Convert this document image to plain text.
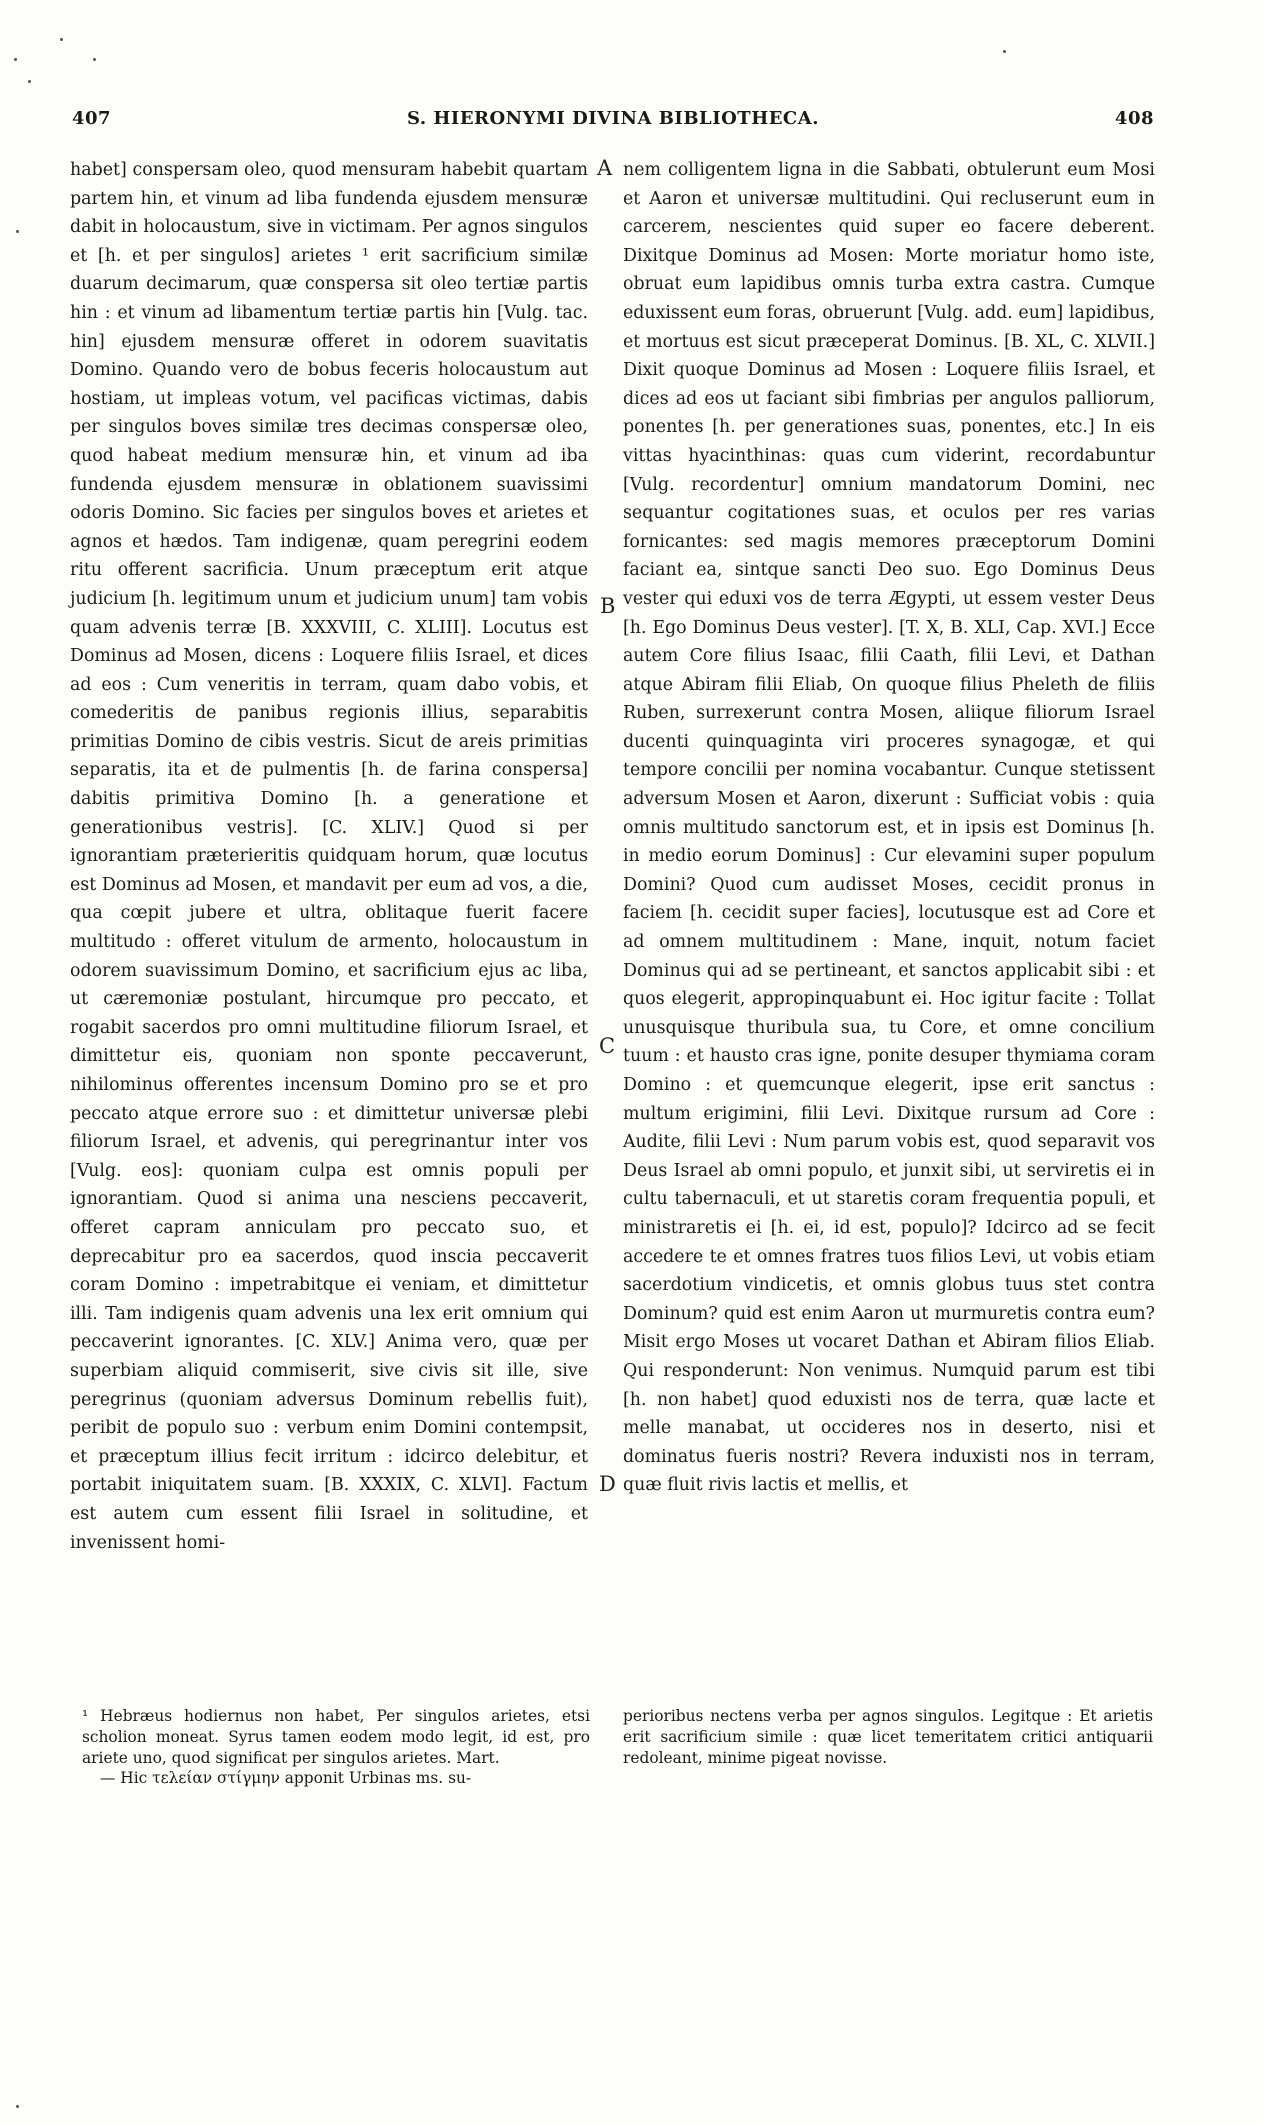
407	S. HIERONYMI DIVINA BIBLIOTHECA.	408

habet] conspersam oleo, quod mensuram habebit quartam partem hin, et vinum ad liba fundenda ejusdem mensuræ dabit in holocaustum, sive in victimam. Per agnos singulos et [h. et per singulos] arietes ¹ erit sacrificium similæ duarum decimarum, quæ conspersa sit oleo tertiæ partis hin : et vinum ad libamentum tertiæ partis hin [Vulg. tac. hin] ejusdem mensuræ offeret in odorem suavitatis Domino. Quando vero de bobus feceris holocaustum aut hostiam, ut impleas votum, vel pacificas victimas, dabis per singulos boves similæ tres decimas conspersæ oleo, quod habeat medium mensuræ hin, et vinum ad iba fundenda ejusdem mensuræ in oblationem suavissimi odoris Domino. Sic facies per singulos boves et arietes et agnos et hædos. Tam indigenæ, quam peregrini eodem ritu offerent sacrificia. Unum præceptum erit atque judicium [h. legitimum unum et judicium unum] tam vobis quam advenis terræ [B. XXXVIII, C. XLIII]. Locutus est Dominus ad Mosen, dicens : Loquere filiis Israel, et dices ad eos : Cum veneritis in terram, quam dabo vobis, et comederitis de panibus regionis illius, separabitis primitias Domino de cibis vestris. Sicut de areis primitias separatis, ita et de pulmentis [h. de farina conspersa] dabitis primitiva Domino [h. a generatione et generationibus vestris]. [C. XLIV.] Quod si per ignorantiam præterieritis quidquam horum, quæ locutus est Dominus ad Mosen, et mandavit per eum ad vos, a die, qua cœpit jubere et ultra, oblitaque fuerit facere multitudo : offeret vitulum de armento, holocaustum in odorem suavissimum Domino, et sacrificium ejus ac liba, ut cæremoniæ postulant, hircumque pro peccato, et rogabit sacerdos pro omni multitudine filiorum Israel, et dimittetur eis, quoniam non sponte peccaverunt, nihilominus offerentes incensum Domino pro se et pro peccato atque errore suo : et dimittetur universæ plebi filiorum Israel, et advenis, qui peregrinantur inter vos [Vulg. eos]: quoniam culpa est omnis populi per ignorantiam. Quod si anima una nesciens peccaverit, offeret capram anniculam pro peccato suo, et deprecabitur pro ea sacerdos, quod inscia peccaverit coram Domino : impetrabitque ei veniam, et dimittetur illi. Tam indigenis quam advenis una lex erit omnium qui peccaverint ignorantes. [C. XLV.] Anima vero, quæ per superbiam aliquid commiserit, sive civis sit ille, sive peregrinus (quoniam adversus Dominum rebellis fuit), peribit de populo suo : verbum enim Domini contempsit, et præceptum illius fecit irritum : idcirco delebitur, et portabit iniquitatem suam. [B. XXXIX, C. XLVI]. Factum est autem cum essent filii Israel in solitudine, et invenissent homi-

nem colligentem ligna in die Sabbati, obtulerunt eum Mosi et Aaron et universæ multitudini. Qui recluserunt eum in carcerem, nescientes quid super eo facere deberent. Dixitque Dominus ad Mosen: Morte moriatur homo iste, obruat eum lapidibus omnis turba extra castra. Cumque eduxissent eum foras, obruerunt [Vulg. add. eum] lapidibus, et mortuus est sicut præceperat Dominus. [B. XL, C. XLVII.] Dixit quoque Dominus ad Mosen : Loquere filiis Israel, et dices ad eos ut faciant sibi fimbrias per angulos palliorum, ponentes [h. per generationes suas, ponentes, etc.] In eis vittas hyacinthinas: quas cum viderint, recordabuntur [Vulg. recordentur] omnium mandatorum Domini, nec sequantur cogitationes suas, et oculos per res varias fornicantes: sed magis memores præceptorum Domini faciant ea, sintque sancti Deo suo. Ego Dominus Deus vester qui eduxi vos de terra Ægypti, ut essem vester Deus [h. Ego Dominus Deus vester]. [T. X, B. XLI, Cap. XVI.] Ecce autem Core filius Isaac, filii Caath, filii Levi, et Dathan atque Abiram filii Eliab, On quoque filius Pheleth de filiis Ruben, surrexerunt contra Mosen, aliique filiorum Israel ducenti quinquaginta viri proceres synagogæ, et qui tempore concilii per nomina vocabantur. Cunque stetissent adversum Mosen et Aaron, dixerunt : Sufficiat vobis : quia omnis multitudo sanctorum est, et in ipsis est Dominus [h. in medio eorum Dominus] : Cur elevamini super populum Domini? Quod cum audisset Moses, cecidit pronus in faciem [h. cecidit super facies], locutusque est ad Core et ad omnem multitudinem : Mane, inquit, notum faciet Dominus qui ad se pertineant, et sanctos applicabit sibi : et quos elegerit, appropinquabunt ei. Hoc igitur facite : Tollat unusquisque thuribula sua, tu Core, et omne concilium tuum : et hausto cras igne, ponite desuper thymiama coram Domino : et quemcunque elegerit, ipse erit sanctus : multum erigimini, filii Levi. Dixitque rursum ad Core : Audite, filii Levi : Num parum vobis est, quod separavit vos Deus Israel ab omni populo, et junxit sibi, ut serviretis ei in cultu tabernaculi, et ut staretis coram frequentia populi, et ministraretis ei [h. ei, id est, populo]? Idcirco ad se fecit accedere te et omnes fratres tuos filios Levi, ut vobis etiam sacerdotium vindicetis, et omnis globus tuus stet contra Dominum? quid est enim Aaron ut murmuretis contra eum? Misit ergo Moses ut vocaret Dathan et Abiram filios Eliab. Qui responderunt: Non venimus. Numquid parum est tibi [h. non habet] quod eduxisti nos de terra, quæ lacte et melle manabat, ut occideres nos in deserto, nisi et dominatus fueris nostri? Revera induxisti nos in terram, quæ fluit rivis lactis et mellis, et

A
B
C
D

¹ Hebræus hodiernus non habet, Per singulos arietes, etsi scholion moneat. Syrus tamen eodem modo legit, id est, pro ariete uno, quod significat per singulos arietes. Mart.

— Hic τελείαν στίγμην apponit Urbinas ms. su-

perioribus nectens verba per agnos singulos. Legitque : Et arietis erit sacrificium simile : quæ licet temeritatem critici antiquarii redoleant, minime pigeat novisse.
